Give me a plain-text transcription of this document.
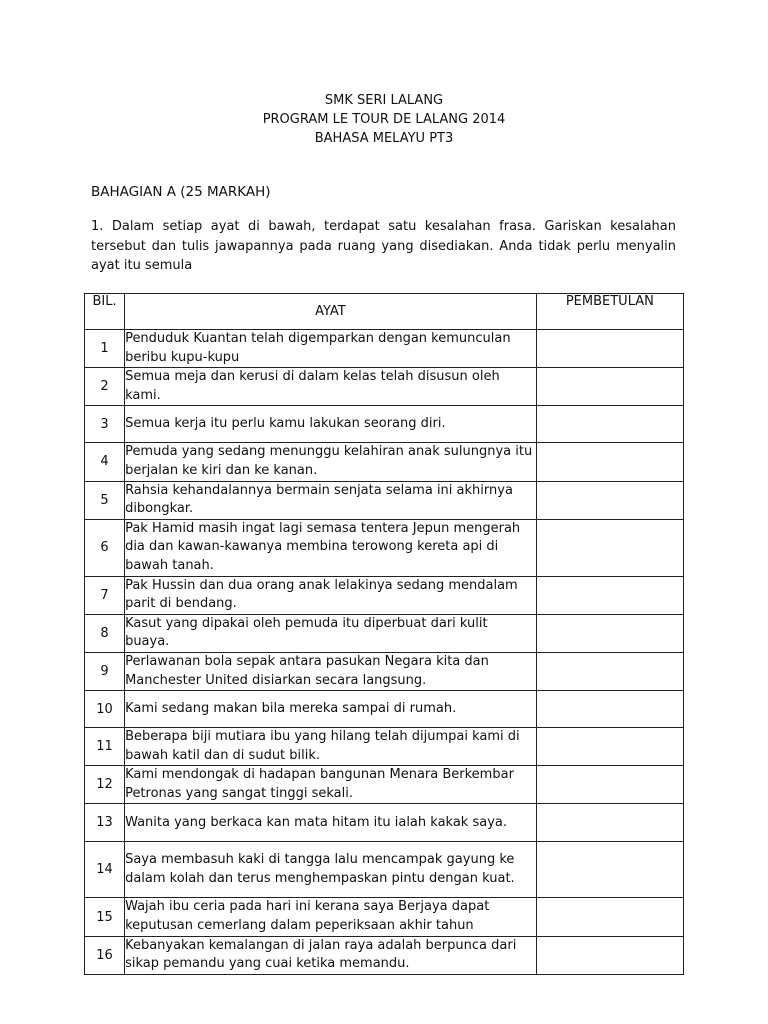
SMK SERI LALANG
PROGRAM LE TOUR DE LALANG 2014
BAHASA MELAYU PT3
BAHAGIAN A (25 MARKAH)

1. Dalam setiap ayat di bawah, terdapat satu kesalahan frasa. Gariskan kesalahan tersebut dan tulis jawapannya pada ruang yang disediakan. Anda tidak perlu menyalin ayat itu semula

BIL.	AYAT	PEMBETULAN
1	Penduduk Kuantan telah digemparkan dengan kemunculan beribu kupu-kupu	
2	Semua meja dan kerusi di dalam kelas telah disusun oleh kami.	
3	Semua kerja itu perlu kamu lakukan seorang diri.	
4	Pemuda yang sedang menunggu kelahiran anak sulungnya itu berjalan ke kiri dan ke kanan.	
5	Rahsia kehandalannya bermain senjata selama ini akhirnya dibongkar.	
6	Pak Hamid masih ingat lagi semasa tentera Jepun mengerah dia dan kawan-kawanya membina terowong kereta api di bawah tanah.	
7	Pak Hussin dan dua orang anak lelakinya sedang mendalam parit di bendang.	
8	Kasut yang dipakai oleh pemuda itu diperbuat dari kulit buaya.	
9	Perlawanan bola sepak antara pasukan Negara kita dan Manchester United disiarkan secara langsung.	
10	Kami sedang makan bila mereka sampai di rumah.	
11	Beberapa biji mutiara ibu yang hilang telah dijumpai kami di bawah katil dan di sudut bilik.	
12	Kami mendongak di hadapan bangunan Menara Berkembar Petronas yang sangat tinggi sekali.	
13	Wanita yang berkaca kan mata hitam itu ialah kakak saya.	
14	Saya membasuh kaki di tangga lalu mencampak gayung ke dalam kolah dan terus menghempaskan pintu dengan kuat.	
15	Wajah ibu ceria pada hari ini kerana saya Berjaya dapat keputusan cemerlang dalam peperiksaan akhir tahun	
16	Kebanyakan kemalangan di jalan raya adalah berpunca dari sikap pemandu yang cuai ketika memandu.	
